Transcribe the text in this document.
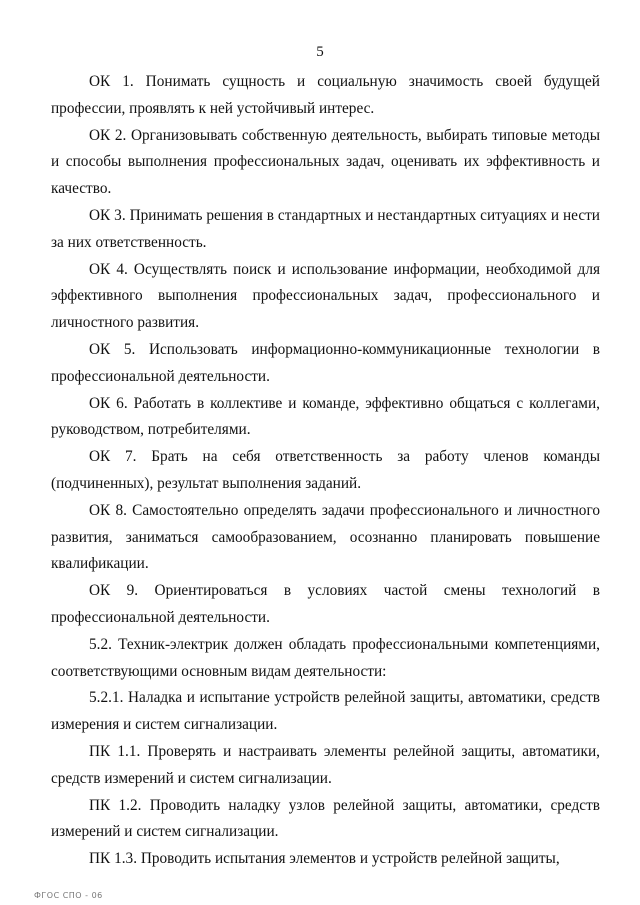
5

ОК 1. Понимать сущность и социальную значимость своей будущей профессии, проявлять к ней устойчивый интерес.

ОК 2. Организовывать собственную деятельность, выбирать типовые методы и способы выполнения профессиональных задач, оценивать их эффективность и качество.

ОК 3. Принимать решения в стандартных и нестандартных ситуациях и нести за них ответственность.

ОК 4. Осуществлять поиск и использование информации, необходимой для эффективного выполнения профессиональных задач, профессионального и личностного развития.

ОК 5. Использовать информационно-коммуникационные технологии в профессиональной деятельности.

ОК 6. Работать в коллективе и команде, эффективно общаться с коллегами, руководством, потребителями.

ОК 7. Брать на себя ответственность за работу членов команды (подчиненных), результат выполнения заданий.

ОК 8. Самостоятельно определять задачи профессионального и личностного развития, заниматься самообразованием, осознанно планировать повышение квалификации.

ОК 9. Ориентироваться в условиях частой смены технологий в профессиональной деятельности.

5.2. Техник-электрик должен обладать профессиональными компетенциями, соответствующими основным видам деятельности:

5.2.1. Наладка и испытание устройств релейной защиты, автоматики, средств измерения и систем сигнализации.

ПК 1.1. Проверять и настраивать элементы релейной защиты, автоматики, средств измерений и систем сигнализации.

ПК 1.2. Проводить наладку узлов релейной защиты, автоматики, средств измерений и систем сигнализации.

ПК 1.3. Проводить испытания элементов и устройств релейной защиты,

ФГОС СПО - 06
